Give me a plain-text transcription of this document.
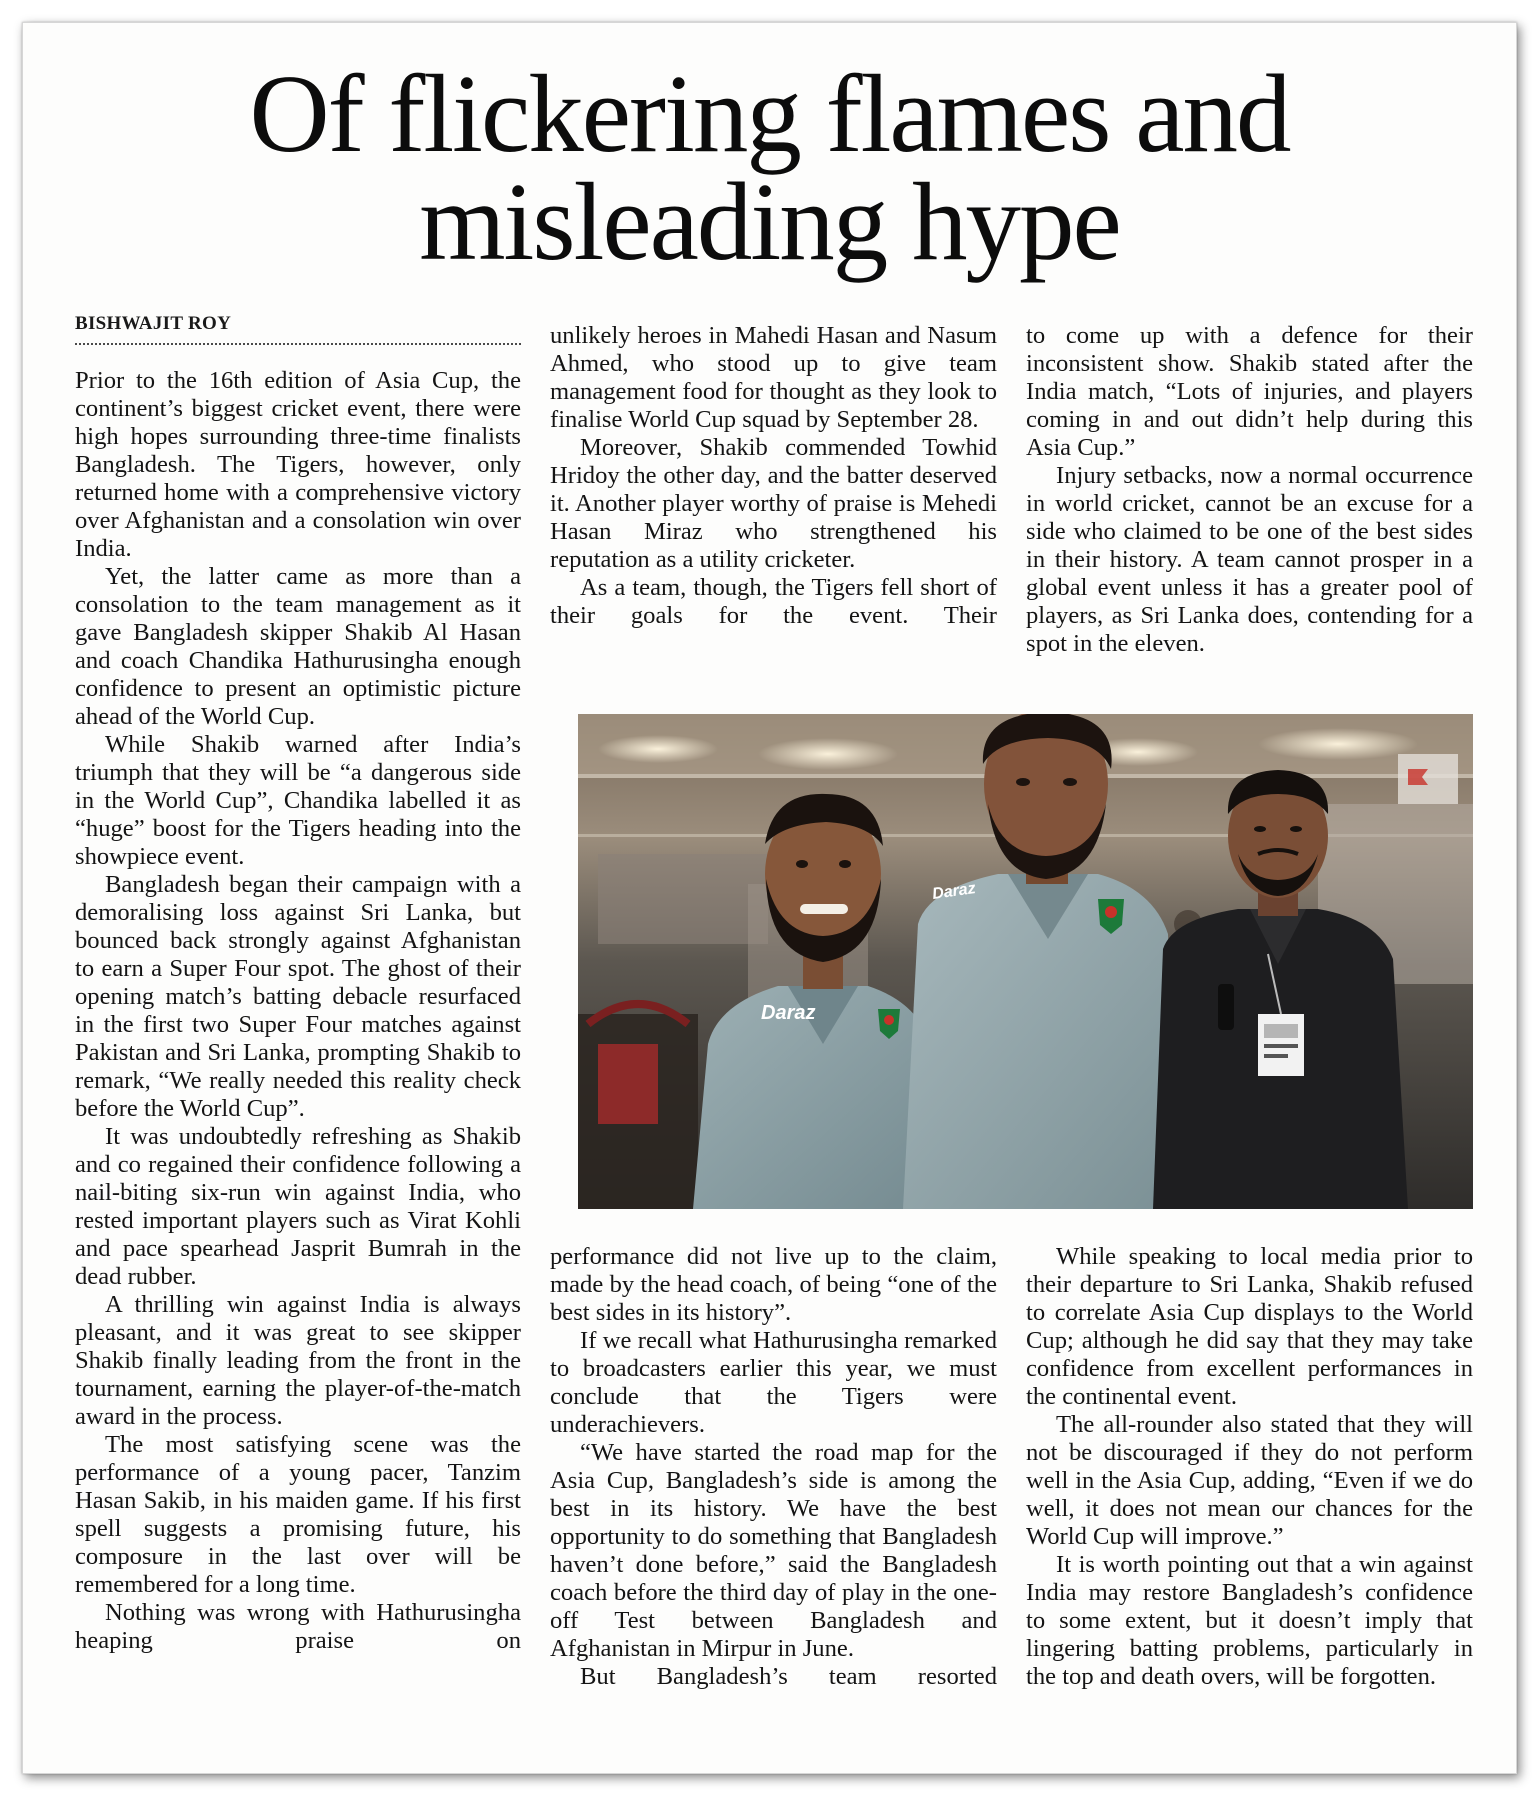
Of flickering flames and misleading hype
BISHWAJIT ROY

Prior to the 16th edition of Asia Cup, the continent’s biggest cricket event, there were high hopes surrounding three-time finalists Bangladesh. The Tigers, however, only returned home with a comprehensive victory over Afghanistan and a consolation win over India.

Yet, the latter came as more than a consolation to the team management as it gave Bangladesh skipper Shakib Al Hasan and coach Chandika Hathurusingha enough confidence to present an optimistic picture ahead of the World Cup.

While Shakib warned after India’s triumph that they will be “a dangerous side in the World Cup”, Chandika labelled it as “huge” boost for the Tigers heading into the showpiece event.

Bangladesh began their campaign with a demoralising loss against Sri Lanka, but bounced back strongly against Afghanistan to earn a Super Four spot. The ghost of their opening match’s batting debacle resurfaced in the first two Super Four matches against Pakistan and Sri Lanka, prompting Shakib to remark, “We really needed this reality check before the World Cup”.

It was undoubtedly refreshing as Shakib and co regained their confidence following a nail-biting six-run win against India, who rested important players such as Virat Kohli and pace spearhead Jasprit Bumrah in the dead rubber.

A thrilling win against India is always pleasant, and it was great to see skipper Shakib finally leading from the front in the tournament, earning the player-of-the-match award in the process.

The most satisfying scene was the performance of a young pacer, Tanzim Hasan Sakib, in his maiden game. If his first spell suggests a promising future, his composure in the last over will be remembered for a long time.

Nothing was wrong with Hathurusingha heaping praise on

unlikely heroes in Mahedi Hasan and Nasum Ahmed, who stood up to give team management food for thought as they look to finalise World Cup squad by September 28.

Moreover, Shakib commended Towhid Hridoy the other day, and the batter deserved it. Another player worthy of praise is Mehedi Hasan Miraz who strengthened his reputation as a utility cricketer.

As a team, though, the Tigers fell short of their goals for the event. Their

to come up with a defence for their inconsistent show. Shakib stated after the India match, “Lots of injuries, and players coming in and out didn’t help during this Asia Cup.”

Injury setbacks, now a normal occurrence in world cricket, cannot be an excuse for a side who claimed to be one of the best sides in their history. A team cannot prosper in a global event unless it has a greater pool of players, as Sri Lanka does, contending for a spot in the eleven.

Daraz
Daraz

performance did not live up to the claim, made by the head coach, of being “one of the best sides in its history”.

If we recall what Hathurusingha remarked to broadcasters earlier this year, we must conclude that the Tigers were underachievers.

“We have started the road map for the Asia Cup, Bangladesh’s side is among the best in its history. We have the best opportunity to do something that Bangladesh haven’t done before,” said the Bangladesh coach before the third day of play in the one-off Test between Bangladesh and Afghanistan in Mirpur in June.

But Bangladesh’s team resorted

While speaking to local media prior to their departure to Sri Lanka, Shakib refused to correlate Asia Cup displays to the World Cup; although he did say that they may take confidence from excellent performances in the continental event.

The all-rounder also stated that they will not be discouraged if they do not perform well in the Asia Cup, adding, “Even if we do well, it does not mean our chances for the World Cup will improve.”

It is worth pointing out that a win against India may restore Bangladesh’s confidence to some extent, but it doesn’t imply that lingering batting problems, particularly in the top and death overs, will be forgotten.
